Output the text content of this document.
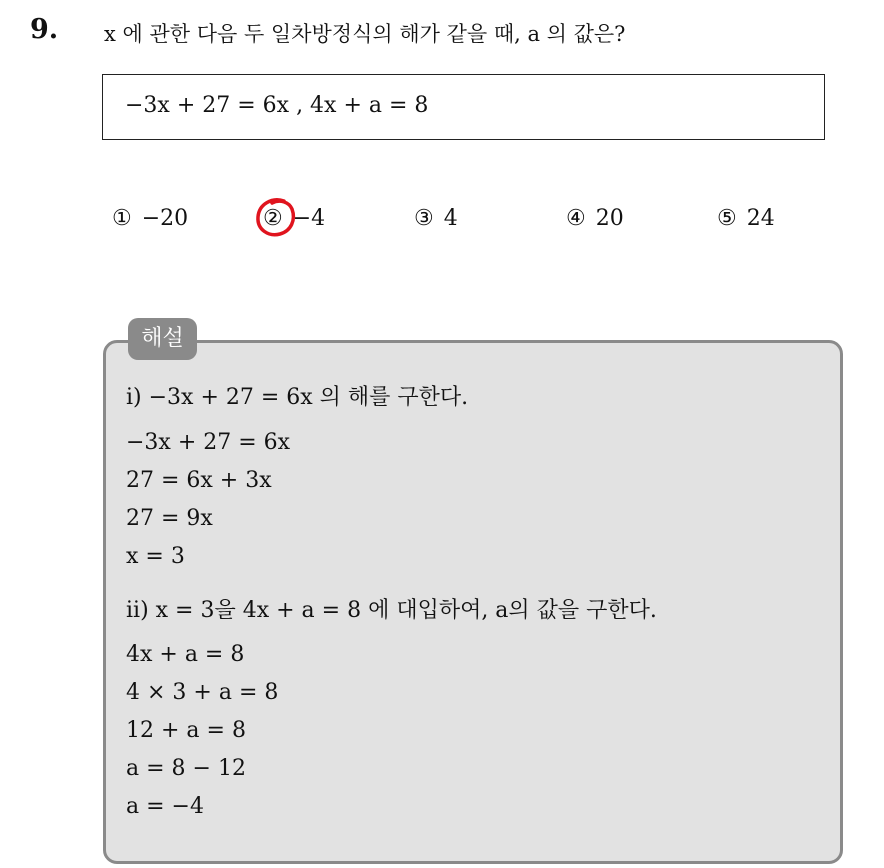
9. x 에 관한 다음 두 일차방정식의 해가 같을 때, a 의 값은?
−3x + 27 = 6x , 4x + a = 8
① −20	② −4	③ 4	④ 20	⑤ 24
해설
i) −3x + 27 = 6x 의 해를 구한다.
−3x + 27 = 6x
27 = 6x + 3x
27 = 9x
x = 3
ii) x = 3을 4x + a = 8 에 대입하여, a의 값을 구한다.
4x + a = 8
4 × 3 + a = 8
12 + a = 8
a = 8 − 12
a = −4
